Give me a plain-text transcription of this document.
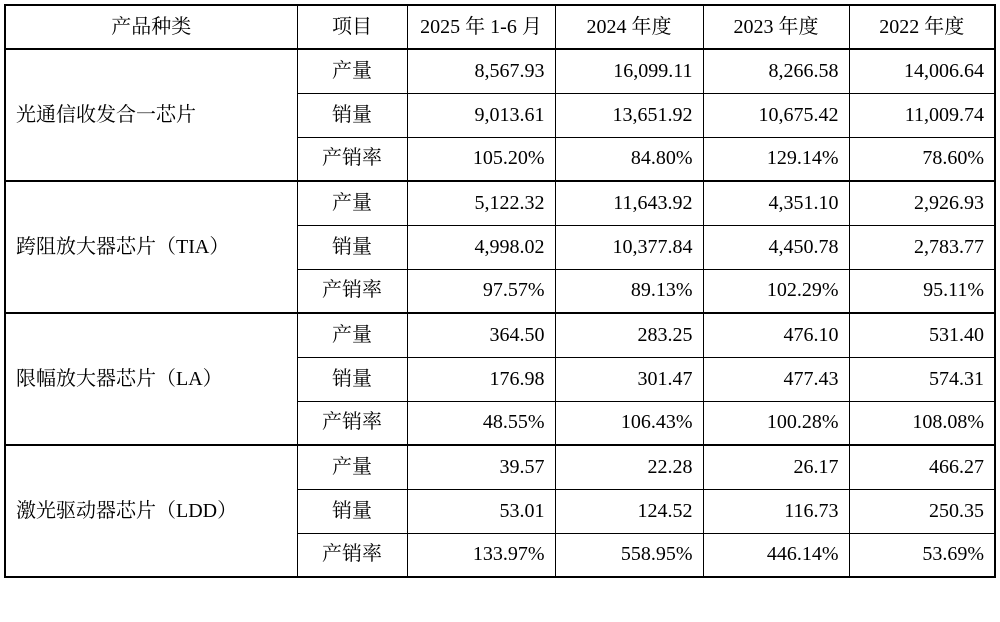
产品种类	项目	2025 年 1-6 月	2024 年度	2023 年度	2022 年度
光通信收发合一芯片	产量	8,567.93	16,099.11	8,266.58	14,006.64
	销量	9,013.61	13,651.92	10,675.42	11,009.74
	产销率	105.20%	84.80%	129.14%	78.60%
跨阻放大器芯片（TIA）	产量	5,122.32	11,643.92	4,351.10	2,926.93
	销量	4,998.02	10,377.84	4,450.78	2,783.77
	产销率	97.57%	89.13%	102.29%	95.11%
限幅放大器芯片（LA）	产量	364.50	283.25	476.10	531.40
	销量	176.98	301.47	477.43	574.31
	产销率	48.55%	106.43%	100.28%	108.08%
激光驱动器芯片（LDD）	产量	39.57	22.28	26.17	466.27
	销量	53.01	124.52	116.73	250.35
	产销率	133.97%	558.95%	446.14%	53.69%
